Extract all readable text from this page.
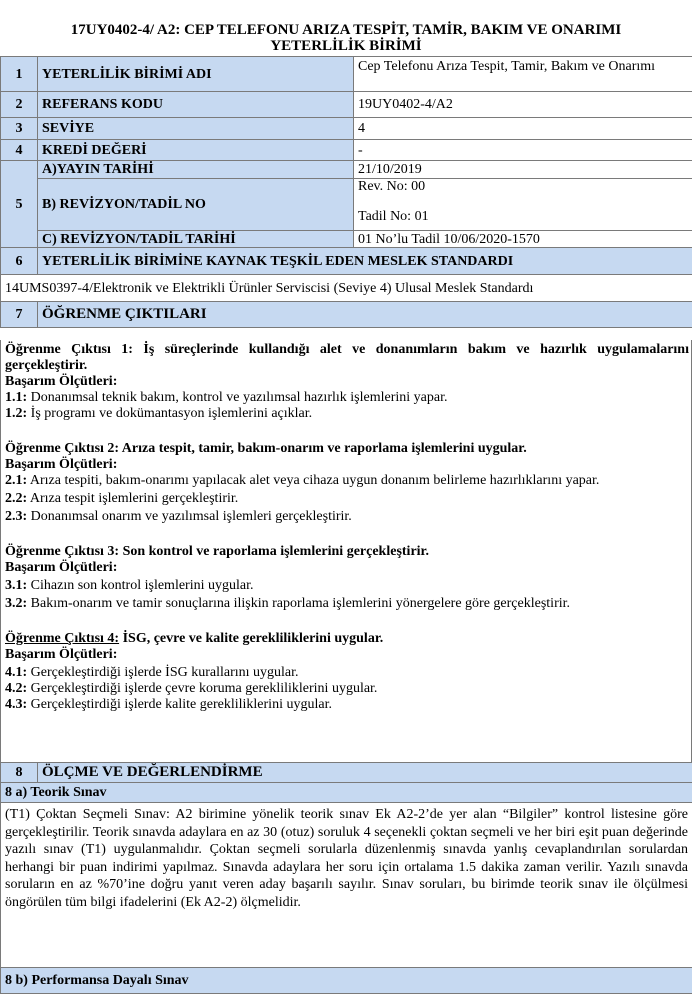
17UY0402-4/ A2: CEP TELEFONU ARIZA TESPİT, TAMİR, BAKIM VE ONARIMI
YETERLİLİK BİRİMİ
1	YETERLİLİK BİRİMİ ADI	Cep Telefonu Arıza Tespit, Tamir, Bakım ve Onarımı
2	REFERANS KODU	19UY0402-4/A2
3	SEVİYE	4
4	KREDİ DEĞERİ	-
5	A)YAYIN TARİHİ	21/10/2019
	B) REVİZYON/TADİL NO	Rev. No: 00
Tadil No: 01

	C) REVİZYON/TADİL TARİHİ	01 No’lu Tadil 10/06/2020-1570
6	YETERLİLİK BİRİMİNE KAYNAK TEŞKİL EDEN MESLEK STANDARDI	
14UMS0397-4/Elektronik ve Elektrikli Ürünler Serviscisi (Seviye 4) Ulusal Meslek Standardı		
7	ÖĞRENME ÇIKTILARI	

Öğrenme Çıktısı 1: İş süreçlerinde kullandığı alet ve donanımların bakım ve hazırlık uygulamalarını gerçekleştirir.

Başarım Ölçütleri:

1.1: Donanımsal teknik bakım, kontrol ve yazılımsal hazırlık işlemlerini yapar.

1.2: İş programı ve dokümantasyon işlemlerini açıklar.

Öğrenme Çıktısı 2: Arıza tespit, tamir, bakım-onarım ve raporlama işlemlerini uygular.

Başarım Ölçütleri:

2.1: Arıza tespiti, bakım-onarımı yapılacak alet veya cihaza uygun donanım belirleme hazırlıklarını yapar.

2.2: Arıza tespit işlemlerini gerçekleştirir.

2.3: Donanımsal onarım ve yazılımsal işlemleri gerçekleştirir.

Öğrenme Çıktısı 3: Son kontrol ve raporlama işlemlerini gerçekleştirir.

Başarım Ölçütleri:

3.1: Cihazın son kontrol işlemlerini uygular.

3.2: Bakım-onarım ve tamir sonuçlarına ilişkin raporlama işlemlerini yönergelere göre gerçekleştirir.

Öğrenme Çıktısı 4: İSG, çevre ve kalite gerekliliklerini uygular.

Başarım Ölçütleri:

4.1: Gerçekleştirdiği işlerde İSG kurallarını uygular.

4.2: Gerçekleştirdiği işlerde çevre koruma gerekliliklerini uygular.

4.3: Gerçekleştirdiği işlerde kalite gerekliliklerini uygular.

8	ÖLÇME VE DEĞERLENDİRME
8 a) Teorik Sınav
(T1) Çoktan Seçmeli Sınav: A2 birimine yönelik teorik sınav Ek A2-2’de yer alan “Bilgiler” kontrol listesine göre gerçekleştirilir. Teorik sınavda adaylara en az 30 (otuz) soruluk 4 seçenekli çoktan seçmeli ve her biri eşit puan değerinde yazılı sınav (T1) uygulanmalıdır. Çoktan seçmeli sorularla düzenlenmiş sınavda yanlış cevaplandırılan sorulardan herhangi bir puan indirimi yapılmaz. Sınavda adaylara her soru için ortalama 1.5 dakika zaman verilir. Yazılı sınavda soruların en az %70’ine doğru yanıt veren aday başarılı sayılır. Sınav soruları, bu birimde teorik sınav ile ölçülmesi öngörülen tüm bilgi ifadelerini (Ek A2-2) ölçmelidir.
8 b) Performansa Dayalı Sınav
